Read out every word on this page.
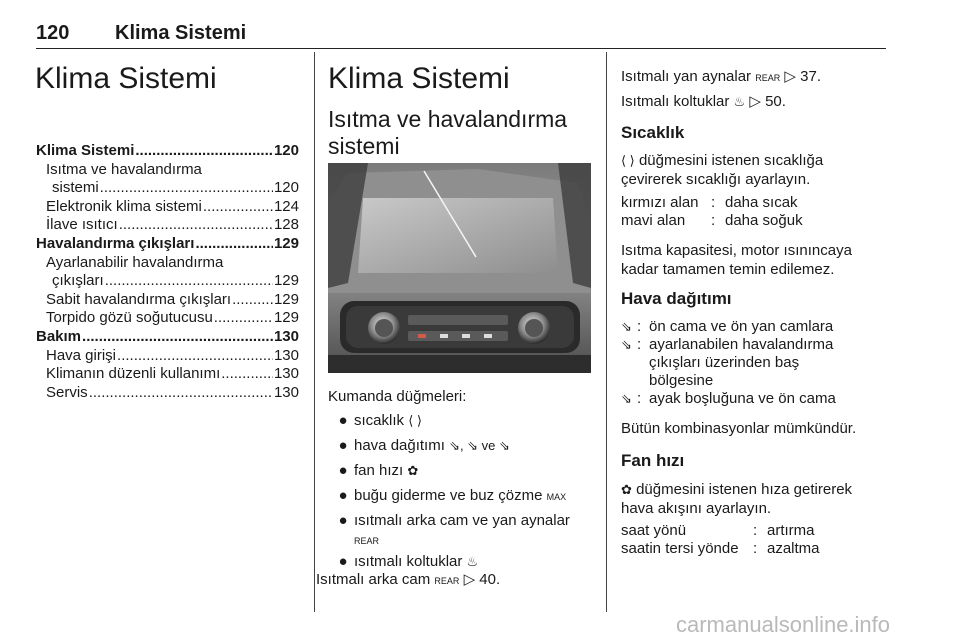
120 Klima Sistemi
Klima Sistemi
Klima Sistemi .....	120
Isıtma ve havalandırma
sistemi .....	120
Elektronik klima sistemi .....	124
İlave ısıtıcı .....	128
Havalandırma çıkışları .....	129
Ayarlanabilir havalandırma
çıkışları .....	129
Sabit havalandırma çıkışları .....	129
Torpido gözü soğutucusu .....	129
Bakım .....	130
Hava girişi .....	130
Klimanın düzenli kullanımı .....	130
Servis .....	130
Klima Sistemi
Isıtma ve havalandırma
sistemi
Kumanda düğmeleri:
● sıcaklık ⟨ ⟩
● hava dağıtımı ⇘, ⇘ ve ⇘
● fan hızı ✿
● buğu giderme ve buz çözme MAX
● ısıtmalı arka cam ve yan aynalar
REAR
● ısıtmalı koltuklar ♨
Isıtmalı arka cam REAR ▷ 40.
Isıtmalı yan aynalar REAR ▷ 37.
Isıtmalı koltuklar ♨ ▷ 50.
Sıcaklık
⟨ ⟩ düğmesini istenen sıcaklığa
çevirerek sıcaklığı ayarlayın.
kırmızı alan : daha sıcak
mavi alan	: daha soğuk
Isıtma kapasitesi, motor ısınıncaya
kadar tamamen temin edilemez.
Hava dağıtımı
⇘ : ön cama ve ön yan camlara
⇘ : ayarlanabilen havalandırma
çıkışları üzerinden baş
bölgesine
⇘ : ayak boşluğuna ve ön cama
Bütün kombinasyonlar mümkündür.
Fan hızı
✿ düğmesini istenen hıza getirerek
hava akışını ayarlayın.
saat yönü	: artırma
saatin tersi yönde : azaltma
carmanualsonline.info
